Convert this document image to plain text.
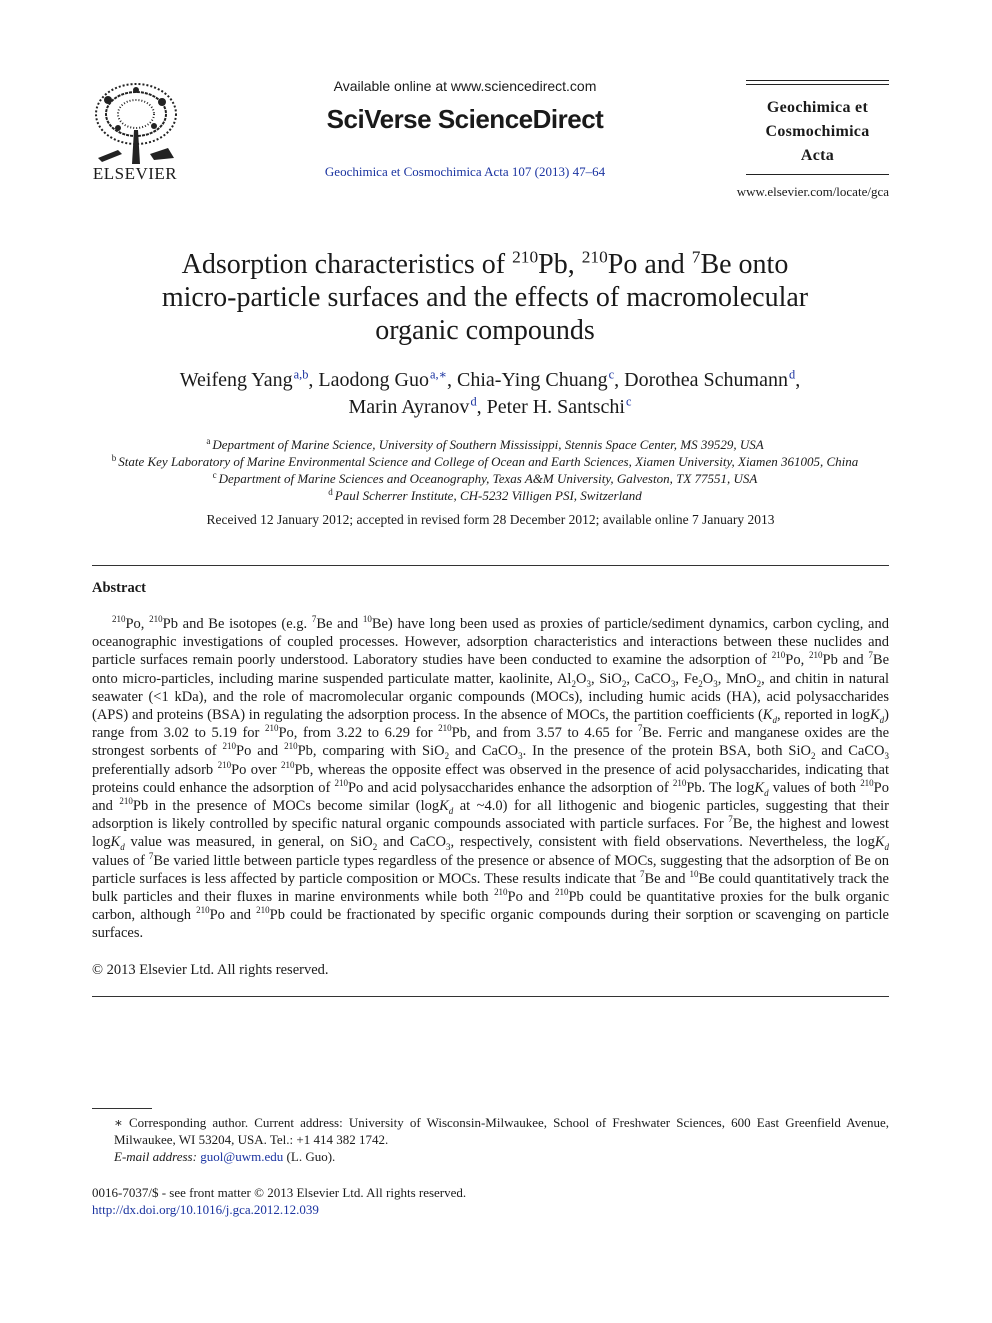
ELSEVIER
Available online at www.sciencedirect.com
SciVerse ScienceDirect
Geochimica et Cosmochimica Acta 107 (2013) 47–64
Geochimica et
Cosmochimica
Acta
www.elsevier.com/locate/gca
Adsorption characteristics of $^{210}$Pb, $^{210}$Po and $^7$Be onto
micro-particle surfaces and the effects of macromolecular
organic compounds
Weifeng Yang $^{a,b}$, Laodong Guo $^{a,∗}$, Chia-Ying Chuang $^c$, Dorothea Schumann $^d$,
Marin Ayranov $^d$, Peter H. Santschi $^c$
$^a$ Department of Marine Science, University of Southern Mississippi, Stennis Space Center, MS 39529, USA
$^b$ State Key Laboratory of Marine Environmental Science and College of Ocean and Earth Sciences, Xiamen University, Xiamen 361005, China
$^c$ Department of Marine Sciences and Oceanography, Texas A&M University, Galveston, TX 77551, USA
$^d$ Paul Scherrer Institute, CH-5232 Villigen PSI, Switzerland
Received 12 January 2012; accepted in revised form 28 December 2012; available online 7 January 2013
Abstract

$^{210}$Po, $^{210}$Pb and Be isotopes (e.g. $^7$Be and $^{10}$Be) have long been used as proxies of particle/sediment dynamics, carbon cycling, and oceanographic investigations of coupled processes. However, adsorption characteristics and interactions between these nuclides and particle surfaces remain poorly understood. Laboratory studies have been conducted to examine the adsorption of $^{210}$Po, $^{210}$Pb and $^7$Be onto micro-particles, including marine suspended particulate matter, kaolinite, $Al_2O_3$, SiO$_2$, CaCO$_3$, $Fe_2O_3$, MnO$_2$, and chitin in natural seawater (<1 kDa), and the role of macromolecular organic compounds (MOCs), including humic acids (HA), acid polysaccharides (APS) and proteins (BSA) in regulating the adsorption process. In the absence of MOCs, the partition coefficients ($K_d$, reported in logK$_d$) range from 3.02 to 5.19 for $^{210}$Po, from 3.22 to 6.29 for $^{210}$Pb, and from 3.57 to 4.65 for $^7$Be. Ferric and manganese oxides are the strongest sorbents of $^{210}$Po and $^{210}$Pb, comparing with SiO$_2$ and CaCO$_3$. In the presence of the protein BSA, both SiO$_2$ and CaCO$_3$ preferentially adsorb $^{210}$Po over $^{210}$Pb, whereas the opposite effect was observed in the presence of acid polysaccharides, indicating that proteins could enhance the adsorption of $^{210}$Po and acid polysaccharides enhance the adsorption of $^{210}$Pb. The logK$_d$ values of both $^{210}$Po and $^{210}$Pb in the presence of MOCs become similar (logK$_d$ at ~4.0) for all lithogenic and biogenic particles, suggesting that their adsorption is likely controlled by specific natural organic compounds associated with particle surfaces. For $^7$Be, the highest and lowest logK$_d$ value was measured, in general, on SiO$_2$ and CaCO$_3$, respectively, consistent with field observations. Nevertheless, the logK$_d$ values of $^7$Be varied little between particle types regardless of the presence or absence of MOCs, suggesting that the adsorption of Be on particle surfaces is less affected by particle composition or MOCs. These results indicate that $^7$Be and $^{10}$Be could quantitatively track the bulk particles and their fluxes in marine environments while both $^{210}$Po and $^{210}$Pb could be quantitative proxies for the bulk organic carbon, although $^{210}$Po and $^{210}$Pb could be fractionated by specific organic compounds during their sorption or scavenging on particle surfaces.

© 2013 Elsevier Ltd. All rights reserved.

∗ Corresponding author. Current address: University of Wisconsin-Milwaukee, School of Freshwater Sciences, 600 East Greenfield Avenue, Milwaukee, WI 53204, USA. Tel.: +1 414 382 1742.

E-mail address: guol@uwm.edu (L. Guo).

0016-7037/$ - see front matter © 2013 Elsevier Ltd. All rights reserved.
http://dx.doi.org/10.1016/j.gca.2012.12.039
